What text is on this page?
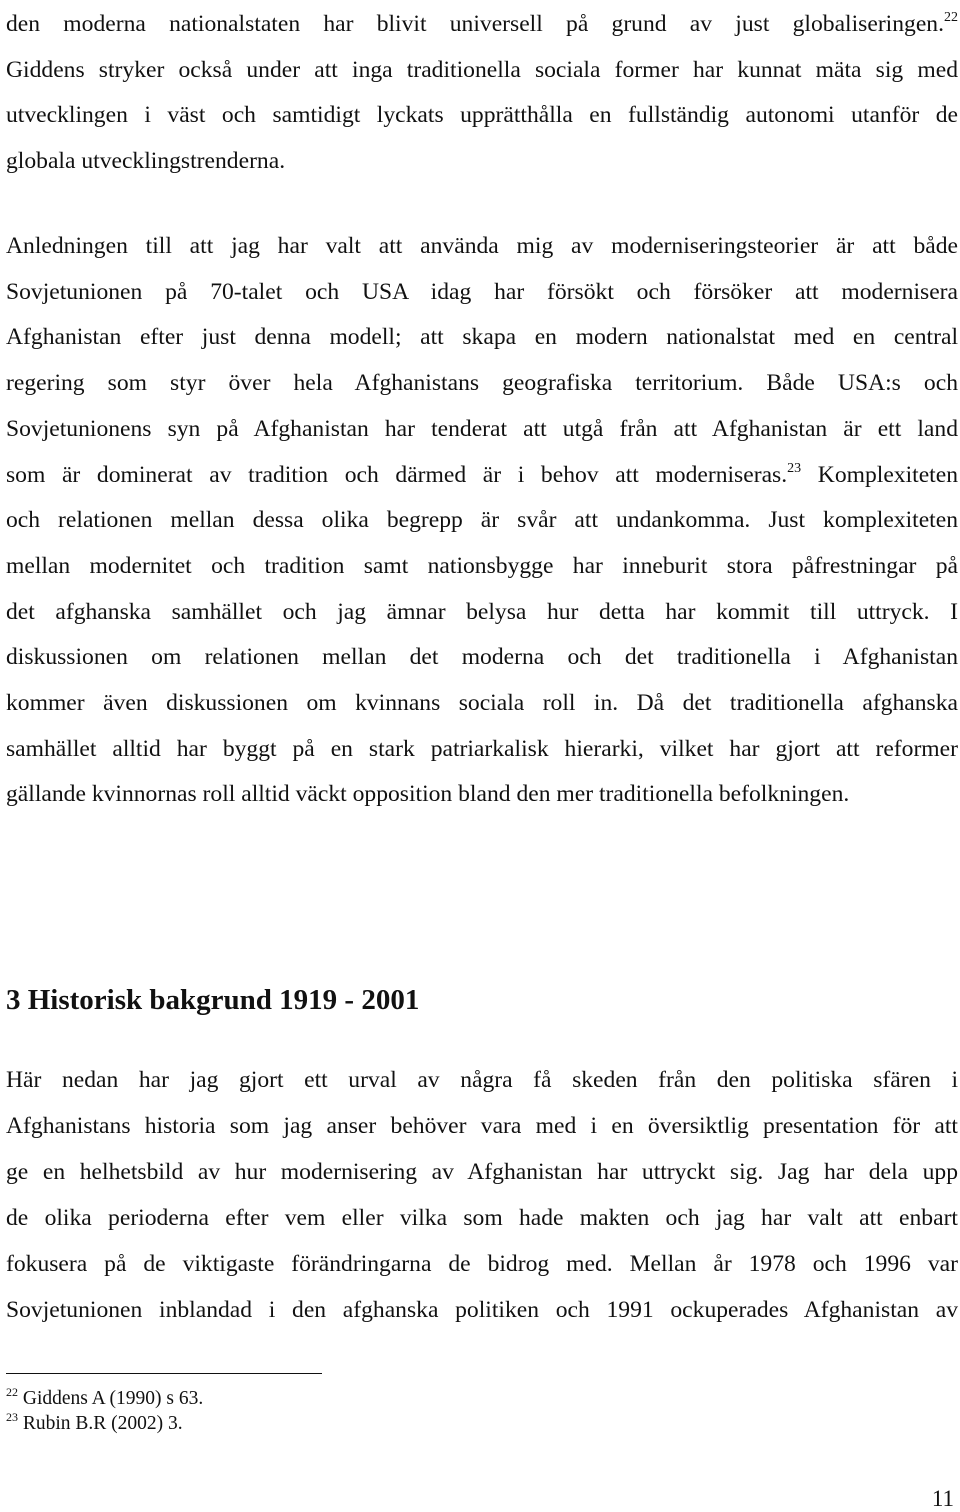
den moderna nationalstaten har blivit universell på grund av just globaliseringen.$^{22}$
Giddens stryker också under att inga traditionella sociala former har kunnat mäta sig med
utvecklingen i väst och samtidigt lyckats upprätthålla en fullständig autonomi utanför de
globala utvecklingstrenderna.
Anledningen till att jag har valt att använda mig av moderniseringsteorier är att både
Sovjetunionen på 70-talet och USA idag har försökt och försöker att modernisera
Afghanistan efter just denna modell; att skapa en modern nationalstat med en central
regering som styr över hela Afghanistans geografiska territorium. Både USA:s och
Sovjetunionens syn på Afghanistan har tenderat att utgå från att Afghanistan är ett land
som är dominerat av tradition och därmed är i behov att moderniseras.$^{23}$ Komplexiteten
och relationen mellan dessa olika begrepp är svår att undankomma. Just komplexiteten
mellan modernitet och tradition samt nationsbygge har inneburit stora påfrestningar på
det afghanska samhället och jag ämnar belysa hur detta har kommit till uttryck. I
diskussionen om relationen mellan det moderna och det traditionella i Afghanistan
kommer även diskussionen om kvinnans sociala roll in. Då det traditionella afghanska
samhället alltid har byggt på en stark patriarkalisk hierarki, vilket har gjort att reformer
gällande kvinnornas roll alltid väckt opposition bland den mer traditionella befolkningen.
3 Historisk bakgrund 1919 - 2001
Här nedan har jag gjort ett urval av några få skeden från den politiska sfären i
Afghanistans historia som jag anser behöver vara med i en översiktlig presentation för att
ge en helhetsbild av hur modernisering av Afghanistan har uttryckt sig. Jag har dela upp
de olika perioderna efter vem eller vilka som hade makten och jag har valt att enbart
fokusera på de viktigaste förändringarna de bidrog med. Mellan år 1978 och 1996 var
Sovjetunionen inblandad i den afghanska politiken och 1991 ockuperades Afghanistan av
$^{22}$ Giddens A (1990) s 63.
$^{23}$ Rubin B.R (2002) 3.
11
